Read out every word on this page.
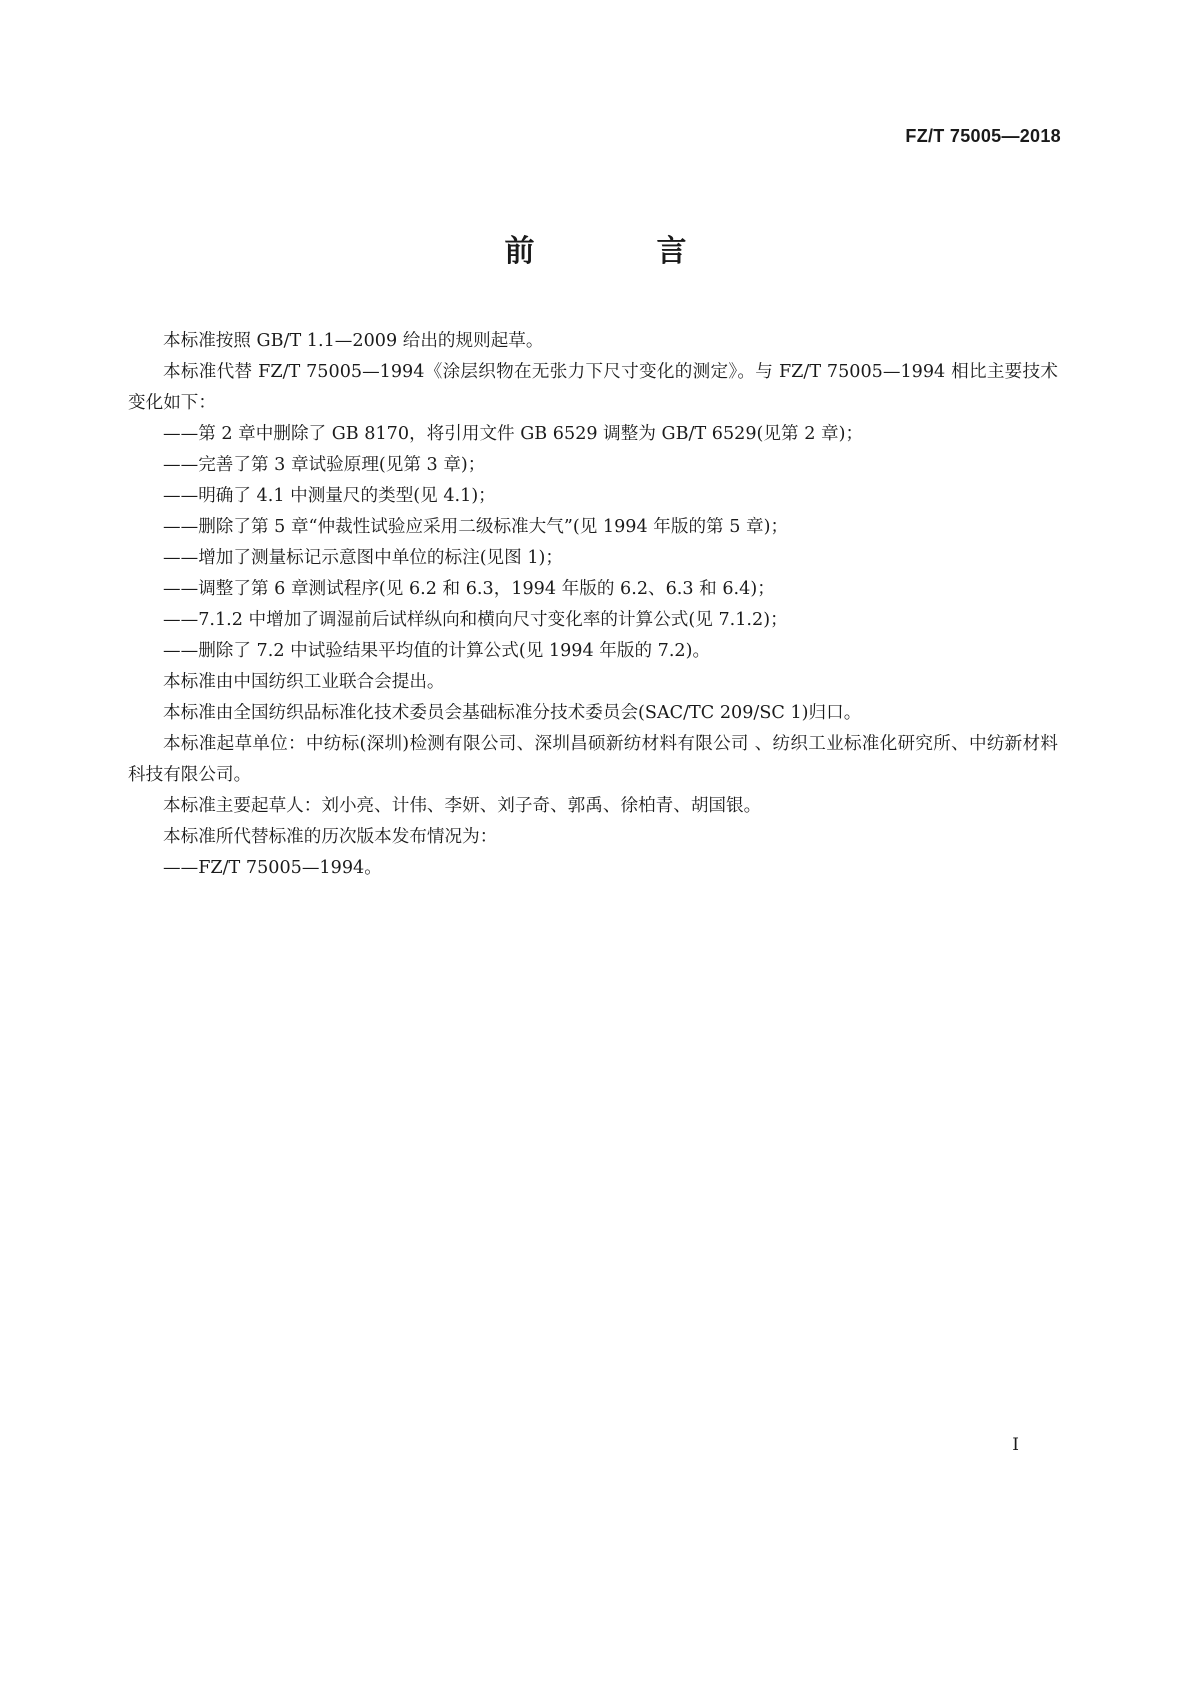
FZ/T 75005—2018
前　言

本标准按照 GB/T 1.1—2009 给出的规则起草。

本标准代替 FZ/T 75005—1994《涂层织物在无张力下尺寸变化的测定》。与 FZ/T 75005—1994 相比主要技术变化如下：

——第 2 章中删除了 GB 8170，将引用文件 GB 6529 调整为 GB/T 6529(见第 2 章)；

——完善了第 3 章试验原理(见第 3 章)；

——明确了 4.1 中测量尺的类型(见 4.1)；

——删除了第 5 章“仲裁性试验应采用二级标准大气”(见 1994 年版的第 5 章)；

——增加了测量标记示意图中单位的标注(见图 1)；

——调整了第 6 章测试程序(见 6.2 和 6.3，1994 年版的 6.2、6.3 和 6.4)；

——7.1.2 中增加了调湿前后试样纵向和横向尺寸变化率的计算公式(见 7.1.2)；

——删除了 7.2 中试验结果平均值的计算公式(见 1994 年版的 7.2)。

本标准由中国纺织工业联合会提出。

本标准由全国纺织品标准化技术委员会基础标准分技术委员会(SAC/TC 209/SC 1)归口。

本标准起草单位：中纺标(深圳)检测有限公司、深圳昌硕新纺材料有限公司 、纺织工业标准化研究所、中纺新材料科技有限公司。

本标准主要起草人：刘小亮、计伟、李妍、刘子奇、郭禹、徐柏青、胡国银。

本标准所代替标准的历次版本发布情况为：

——FZ/T 75005—1994。

I
